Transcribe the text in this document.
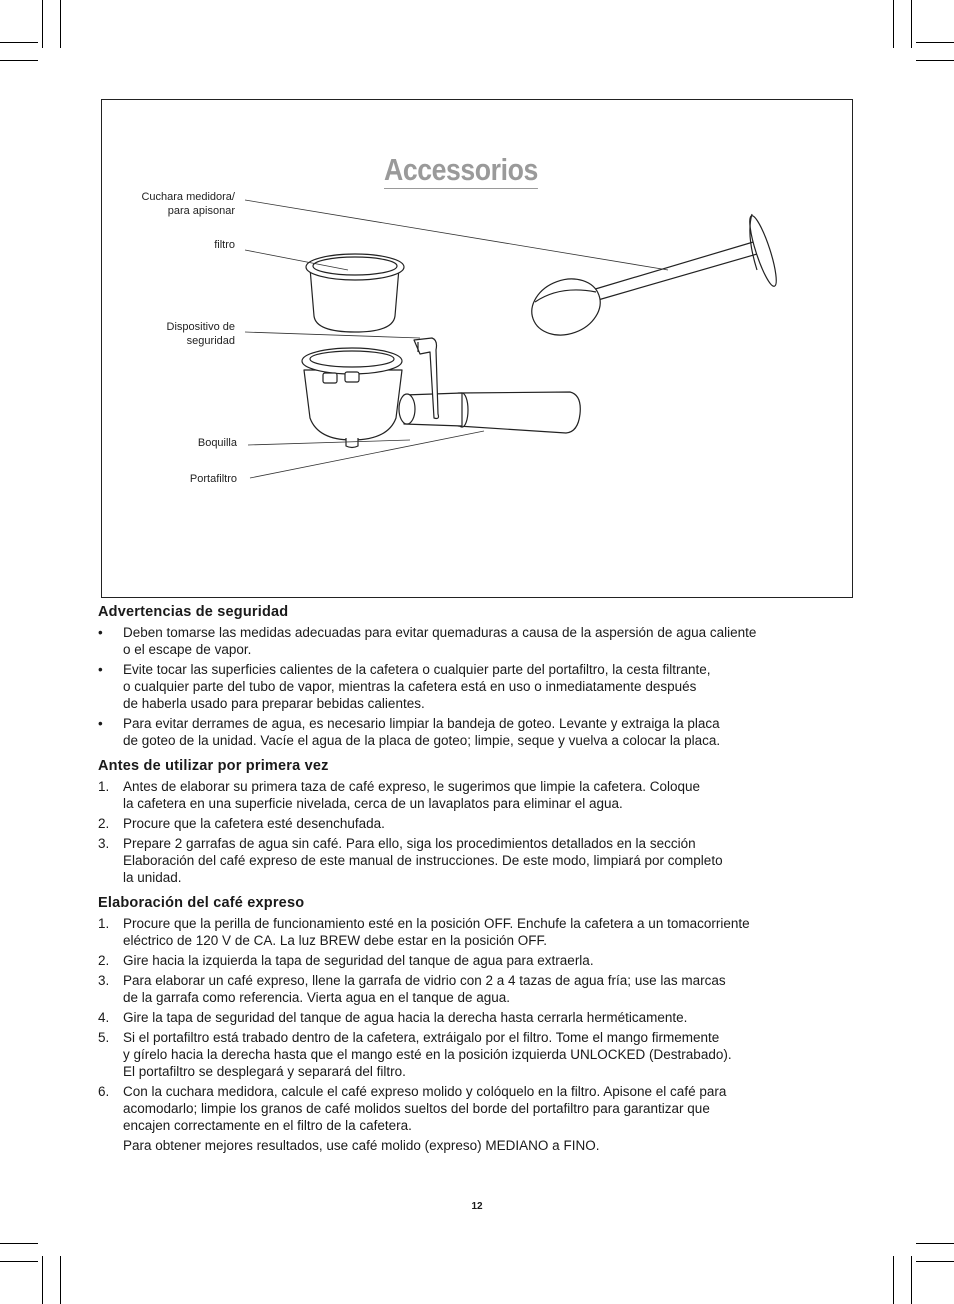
Accessorios
Cuchara medidora/
para apisonar
filtro
Dispositivo de
seguridad
Boquilla
Portafiltro
Advertencias de seguridad
• Deben tomarse las medidas adecuadas para evitar quemaduras a causa de la aspersión de agua caliente
o el escape de vapor.
• Evite tocar las superficies calientes de la cafetera o cualquier parte del portafiltro, la cesta filtrante,
o cualquier parte del tubo de vapor, mientras la cafetera está en uso o inmediatamente después
de haberla usado para preparar bebidas calientes.
• Para evitar derrames de agua, es necesario limpiar la bandeja de goteo. Levante y extraiga la placa
de goteo de la unidad. Vacíe el agua de la placa de goteo; limpie, seque y vuelva a colocar la placa.
Antes de utilizar por primera vez
1. Antes de elaborar su primera taza de café expreso, le sugerimos que limpie la cafetera. Coloque
la cafetera en una superficie nivelada, cerca de un lavaplatos para eliminar el agua.
2. Procure que la cafetera esté desenchufada.
3. Prepare 2 garrafas de agua sin café. Para ello, siga los procedimientos detallados en la sección
Elaboración del café expreso de este manual de instrucciones. De este modo, limpiará por completo
la unidad.
Elaboración del café expreso
1. Procure que la perilla de funcionamiento esté en la posición OFF. Enchufe la cafetera a un tomacorriente
eléctrico de 120 V de CA. La luz BREW debe estar en la posición OFF.
2. Gire hacia la izquierda la tapa de seguridad del tanque de agua para extraerla.
3. Para elaborar un café expreso, llene la garrafa de vidrio con 2 a 4 tazas de agua fría; use las marcas
de la garrafa como referencia. Vierta agua en el tanque de agua.
4. Gire la tapa de seguridad del tanque de agua hacia la derecha hasta cerrarla herméticamente.
5. Si el portafiltro está trabado dentro de la cafetera, extráigalo por el filtro. Tome el mango firmemente
y gírelo hacia la derecha hasta que el mango esté en la posición izquierda UNLOCKED (Destrabado).
El portafiltro se desplegará y separará del filtro.
6. Con la cuchara medidora, calcule el café expreso molido y colóquelo en la filtro. Apisone el café para
acomodarlo; limpie los granos de café molidos sueltos del borde del portafiltro para garantizar que
encajen correctamente en el filtro de la cafetera.
Para obtener mejores resultados, use café molido (expreso) MEDIANO a FINO.
12
